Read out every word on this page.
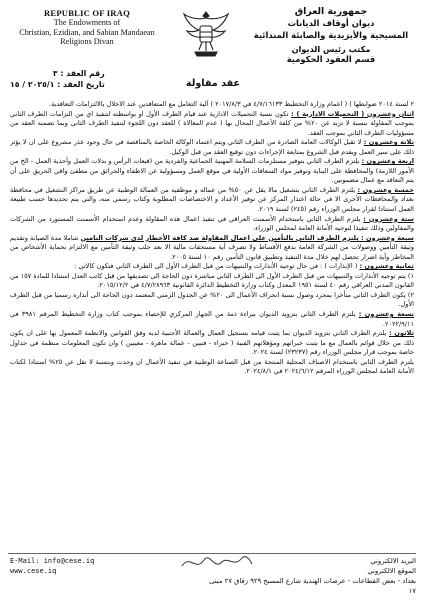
REPUBLIC OF IRAQ
The Endowments of
Christian, Ezidian, and Sabian Mandaean
Religions Divan
جمهورية العراق
ديوان أوقاف الديانات
المسيحية والأيزيدية والصابئة المندائية
مكتب رئيس الديوان
قسم العقود الحكومية
رقم العقد : ٣
تاريخ العقد : ٢٠٢٥/١ / ١٥	عقد مقاولة

٢ لسنة ٢٠١٤ ضوابطها ) ( اعمام وزارة التخطيط ٤/٧/١٦١٣٣ في ٢٠١٧/٨/٣ ) آلية التعامل مع المتعاقدين عند الاخلال بالالتزامات التعاقدية.

اثنان وعشرون ( التحميلات الادارية ) : تكون نسبة التحميلات الادارية عند قيام الطرف الأول او بواسطته لتنفيذ اي من التزامات الطرف الثاني بموجب المقاولة بنسبة لا تزيد عن ٢٠% من كلفة الأعمال المحال بها ( عدم المغالاة ) للعقد دون اللجوء لتنفيذ الطرف الثاني وبما تضمنه العقد من مسؤوليات الطرف الثاني بموجب العقد.

ثلاثة وعشرون : لا تقبل الوكالات العامة الصادرة من الطرف الثاني ويتم اعتماد الوكالة الخاصة بالمناقصة في حال وجود عذر مشروع على ان لا يؤثر ذلك على سير العمل ويقدم قبل الشروع بمتابعة الإجراءات دون توقيع العقد من قبل الوكيل.

اربعة وعشرون : يلتزم الطرف الثاني بتوفير مستلزمات السلامة المهنية الجماعية والفردية من (قبعات الرأس و بدلات العمل وأحذية العمل - الخ من الأمور اللازمة) والمحافظة على البناية وتوفير مواد السعافات الأولية في موقع العمل ومسؤولية عن الاطفاء والحرائق من مطفئ واقي الحريق على أن يتم التعاقد مع عمال مضمونين.

خمسة وعشرون : يلتزم الطرف الثاني بتشغيل مالا يقل عن ٥٠% من عماله و موظفيه من العمالة الوطنية عن طريق مراكز التشغيل في محافظة بغداد والمحافظات الأخرى الا في حالة اعتذار المركز عن توفير الأعداد و الاختصاصات المطلوبة وكتاب رسمي منه، والتي يتم تحديدها حسب طبيعة العمل استنادا لقرار مجلس الوزراء رقم (٢٤٥) لسنة ٢٠١٩.

ستة وعشرون : يلتزم الطرف الثاني باستخدام الأسمنت العراقي في تنفيذ اعمال هذه المقاولة وعدم استخدام الأسمنت المستورد من الشركات والمقاولين وذلك تنفيذا لتوجيه الأمانة العامة لمجلس الوزراء.

سبعة وعشرون : يلتزم الطرف الثاني بالتأمين على اعمال المقاولة ضد كافة الأخطار لدى شركات التامين شاملا مدة الصيانة وتقديم وثيقة التأمين ووصولات من الشركة العامة بدفع الأقساط ولا تصرف أية مستحقات مالية الا بعد جلب وثيقة التأمين مع الالتزام بحماية الأشخاص من المخاطر وأية اضرار تحصل لهم خلال مدة التنفيذ وتطبيق قانون التأمين رقم ١٠ لسنة ٢٠٠٥.

ثمانية وعشرون : ( الإنذارات ) : في حال توجيه الأنذارات والتنبيهات من قبل الطرف الأول الى الطرف الثاني فتكون كالاتي :

١) يتم توجيه الأنذارات والتنبيهات من قبل الطرف الأول الى الطرف الثاني مباشرة دون الحاجة الى تصديقها من قبل كاتب العدل استنادا للمادة ١٥٧ من القانون المدني العراقي رقم ٤٠ لسنة ١٩٥١ المعدل وكتاب وزارة التخطيط الدائرة القانونية ٤/٧/٢٨٩٦٣ في ٢٠١٥/١٢/٢.

٢) يكون الطرف الثاني متأخرا بمجرد وصول نسبة انحراف الأعمال الى ٢٠% عن الجدول الزمني المعتمد دون الحاجة الى أنذاره رسميا من قبل الطرف الأول.

تسعة وعشرون : يلتزم الطرف الثاني بتزويد الديوان ببراءة ذمة من الجهاز المركزي للإحصاء بموجب كتاب وزارة التخطيط المرقم ٣٩٨١ في ٢٠٢٢/٩/١١.

ثلاثون : يلتزم الطرف الثاني بتزويد الديوان بما يثبت قيامه بتسجيل العمال والعمالة الأجنبية لديه وفق القوانين والانظمة المعمول بها على ان يكون ذلك من خلال قوائم بالعمال مع ما يثبت خبراتهم ومؤهلاتهم الفنية ( خبراء - فنيين - عمالة ماهرة - معينين ) وان تكون المعلومات منظمة في جداول خاصة بموجب قرار مجلس الوزراء رقم (٢٣٢٣٧) لسنة ٢٠٢٤.

يلتزم الطرف الثاني باستخدام الاصناف المحلية المنتجة من قبل الصناعة الوطنية في تنفيذ الأعمال ان وجدت وبنسبة لا تقل عن ٢٥% استنادا لكتاب الأمانة العامة لمجلس الوزراء المرقم ٢٠٢٤/٦/١٢ في ٢٠٢٤/٨/١.

E-Mail: info@cese.iq
www.cese.iq
البريد الالكتروني
الموقع الالكتروني
بغداد - بعض القطاعات - عرصات الهندية شارع المسبح ٩٢٩ زقاق ٢٧ مبنى ١٧
